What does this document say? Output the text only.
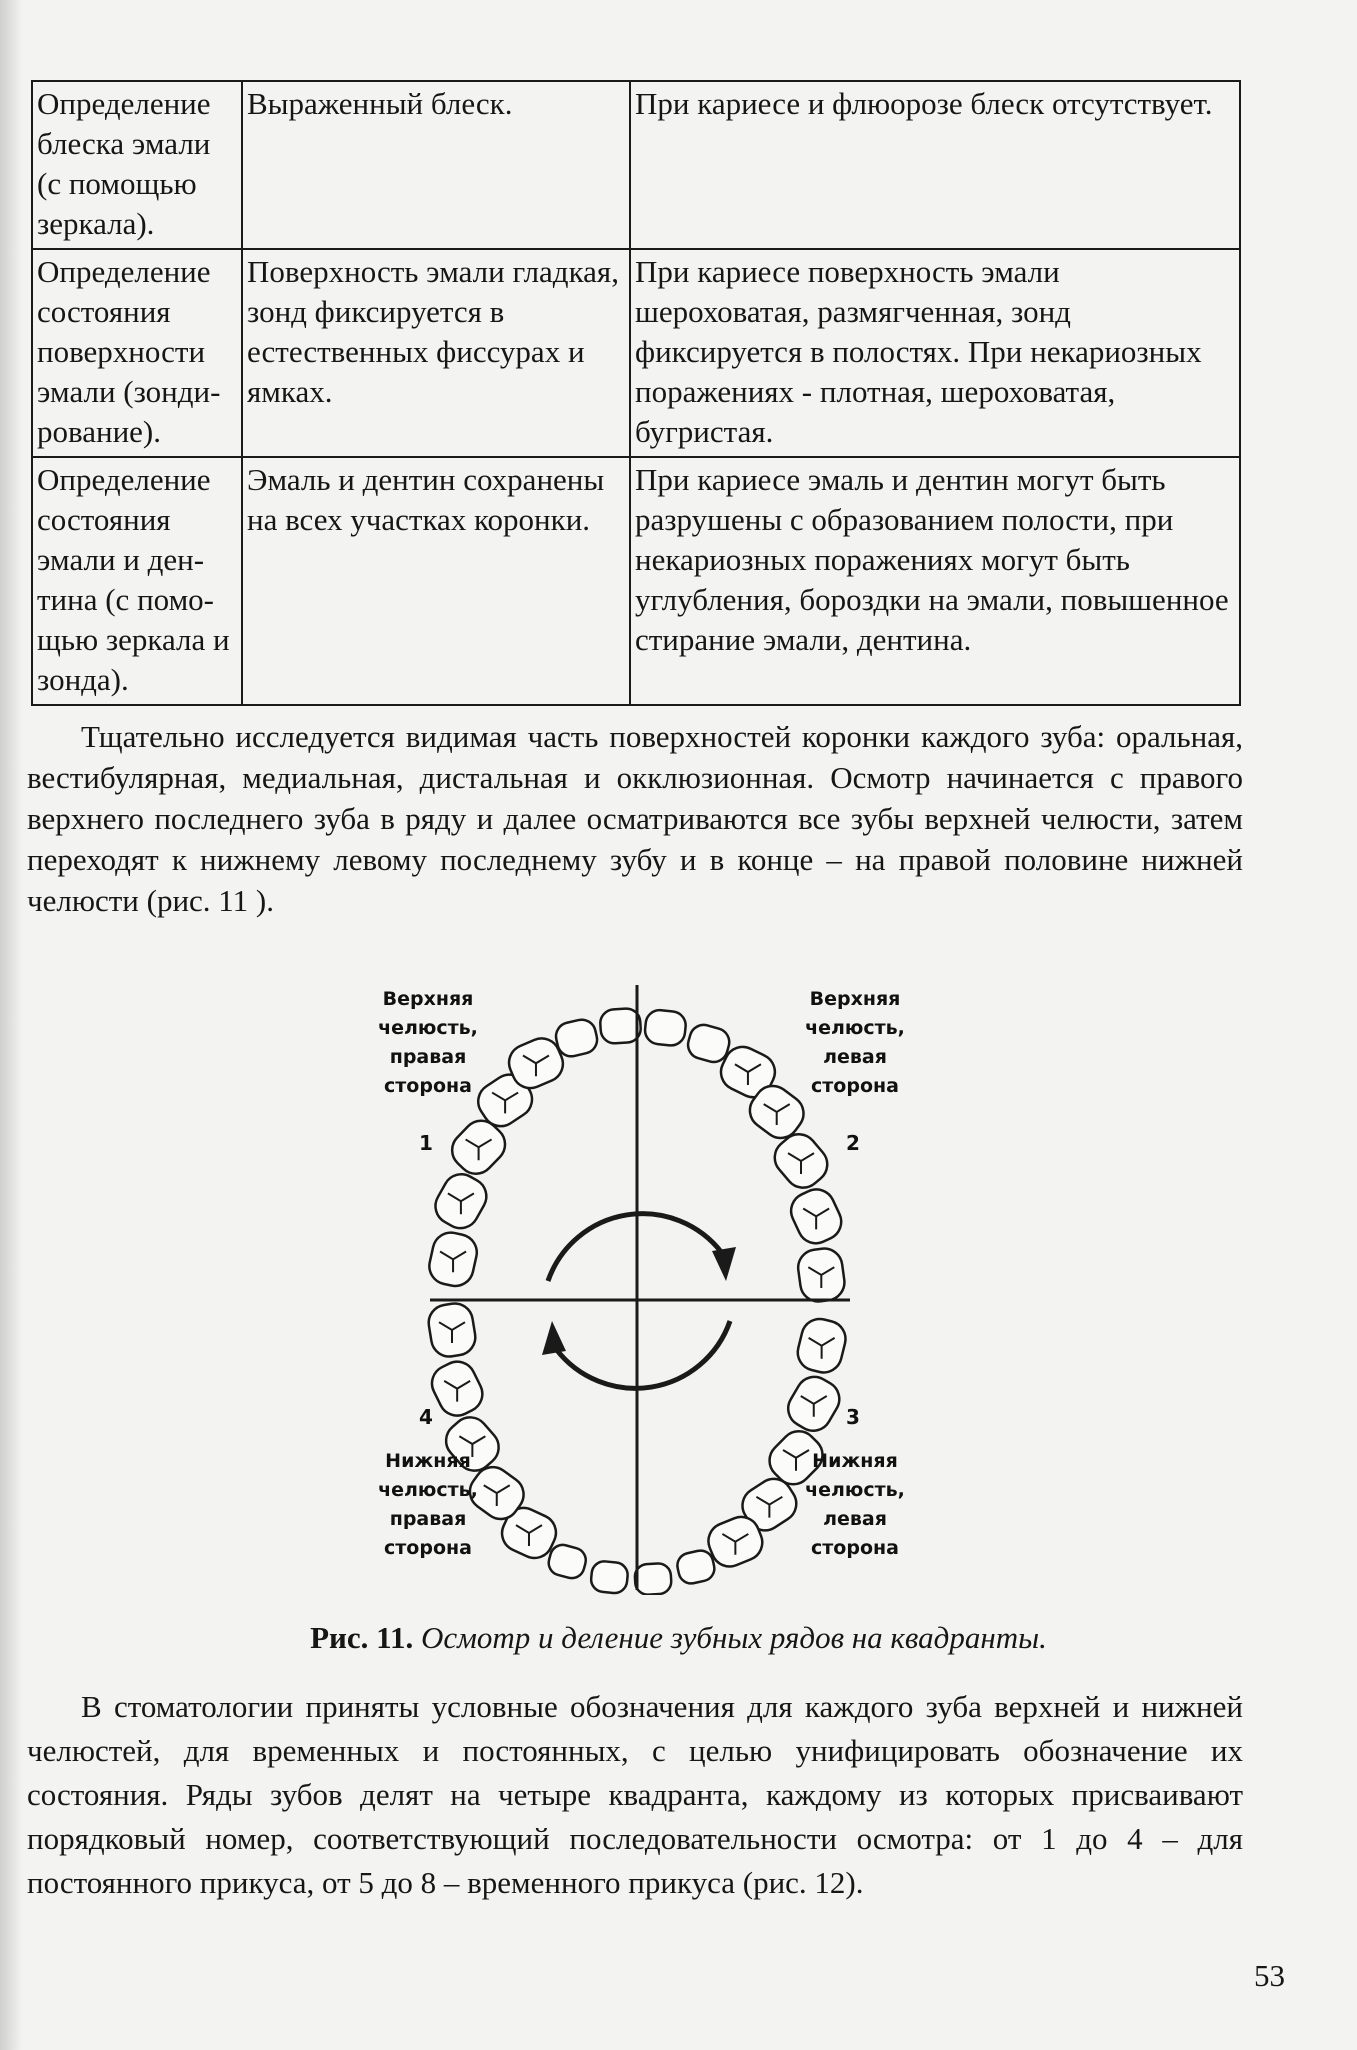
Определение блеска эмали (с помощью зеркала).	Выраженный блеск.	При кариесе и флюорозе блеск отсутствует.
Определение состояния поверхности эмали (зонди-рование).	Поверхность эмали гладкая, зонд фиксируется в естественных фиссурах и ямках.	При кариесе поверхность эмали шероховатая, размягченная, зонд фиксируется в полостях. При некариозных поражениях - плотная, шероховатая, бугристая.
Определение состояния эмали и ден-тина (с помо-щью зеркала и зонда).	Эмаль и дентин сохранены на всех участках коронки.	При кариесе эмаль и дентин могут быть разрушены с образованием полости, при некариозных поражениях могут быть углубления, бороздки на эмали, повышенное стирание эмали, дентина.

Тщательно исследуется видимая часть поверхностей коронки каждого зуба: оральная, вестибулярная, медиальная, дистальная и окклюзионная. Осмотр начинается с правого верхнего последнего зуба в ряду и далее осматриваются все зубы верхней челюсти, затем переходят к нижнему левому последнему зубу и в конце – на правой половине нижней челюсти (рис. 11 ).

Верхняя челюсть, правая сторона
1
Верхняя челюсть, левая сторона
2
3
Нижняя челюсть, левая сторона
4
Нижняя челюсть, правая сторона
Рис. 11. Осмотр и деление зубных рядов на квадранты.

В стоматологии приняты условные обозначения для каждого зуба верхней и нижней челюстей, для временных и постоянных, с целью унифицировать обозначение их состояния. Ряды зубов делят на четыре квадранта, каждому из которых присваивают порядковый номер, соответствующий последовательности осмотра: от 1 до 4 – для постоянного прикуса, от 5 до 8 – временного прикуса (рис. 12).

53
